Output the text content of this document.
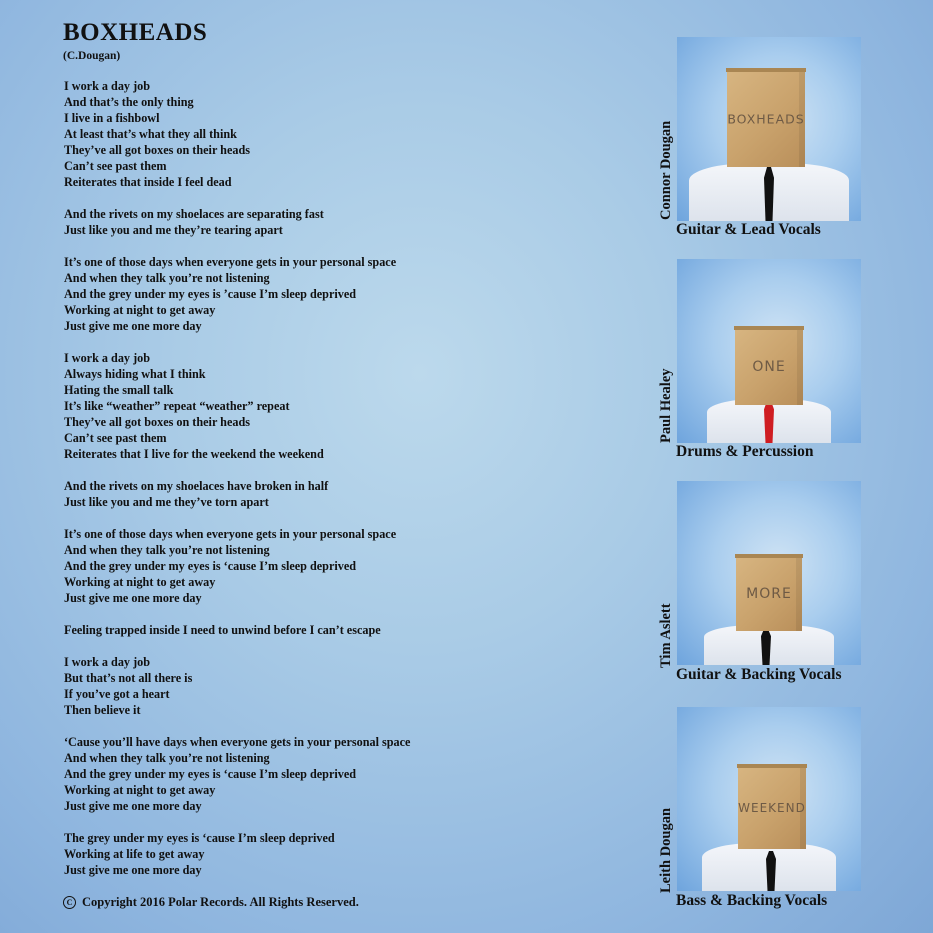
BOXHEADS
(C.Dougan)
I work a day job
And that’s the only thing
I live in a fishbowl
At least that’s what they all think
They’ve all got boxes on their heads
Can’t see past them
Reiterates that inside I feel dead
And the rivets on my shoelaces are separating fast
Just like you and me they’re tearing apart
It’s one of those days when everyone gets in your personal space
And when they talk you’re not listening
And the grey under my eyes is ’cause I’m sleep deprived
Working at night to get away
Just give me one more day
I work a day job
Always hiding what I think
Hating the small talk
It’s like “weather” repeat “weather” repeat
They’ve all got boxes on their heads
Can’t see past them
Reiterates that I live for the weekend the weekend
And the rivets on my shoelaces have broken in half
Just like you and me they’ve torn apart
It’s one of those days when everyone gets in your personal space
And when they talk you’re not listening
And the grey under my eyes is ‘cause I’m sleep deprived
Working at night to get away
Just give me one more day
Feeling trapped inside I need to unwind before I can’t escape
I work a day job
But that’s not all there is
If you’ve got a heart
Then believe it
‘Cause you’ll have days when everyone gets in your personal space
And when they talk you’re not listening
And the grey under my eyes is ‘cause I’m sleep deprived
Working at night to get away
Just give me one more day
The grey under my eyes is ‘cause I’m sleep deprived
Working at life to get away
Just give me one more day
C Copyright 2016 Polar Records. All Rights Reserved.
BOXHEADS
Connor Dougan
Guitar & Lead Vocals
ONE
Paul Healey
Drums & Percussion
MORE
Tim Aslett
Guitar & Backing Vocals
WEEKEND
Leith Dougan
Bass & Backing Vocals
